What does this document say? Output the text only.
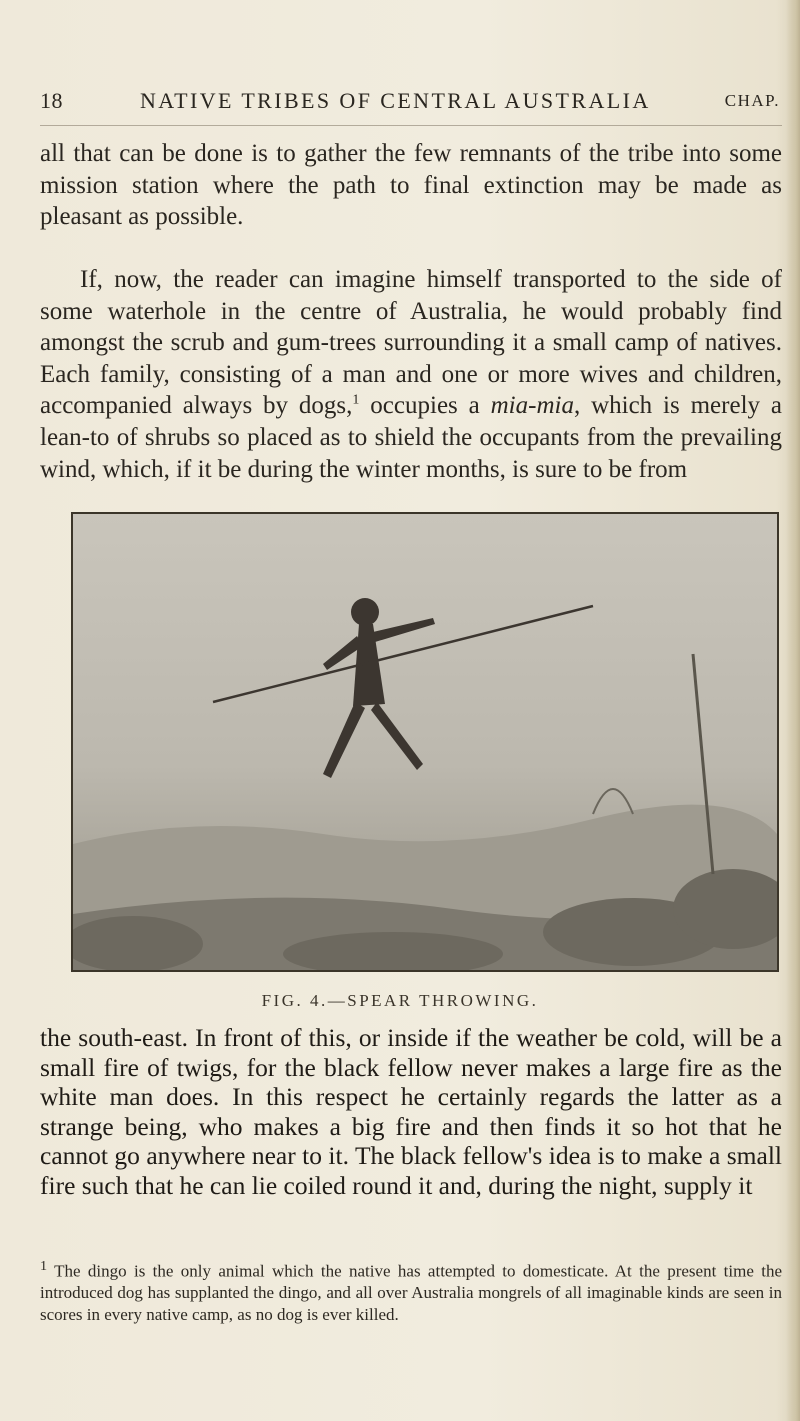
18	NATIVE TRIBES OF CENTRAL AUSTRALIA	CHAP.

all that can be done is to gather the few remnants of the tribe into some mission station where the path to final extinction may be made as pleasant as possible.

If, now, the reader can imagine himself transported to the side of some waterhole in the centre of Australia, he would probably find amongst the scrub and gum-trees surrounding it a small camp of natives. Each family, consisting of a man and one or more wives and children, accompanied always by dogs,$^1$ occupies a mia-mia, which is merely a lean-to of shrubs so placed as to shield the occupants from the prevailing wind, which, if it be during the winter months, is sure to be from

FIG. 4.—SPEAR THROWING.

the south-east. In front of this, or inside if the weather be cold, will be a small fire of twigs, for the black fellow never makes a large fire as the white man does. In this respect he certainly regards the latter as a strange being, who makes a big fire and then finds it so hot that he cannot go anywhere near to it. The black fellow's idea is to make a small fire such that he can lie coiled round it and, during the night, supply it

$^1$ The dingo is the only animal which the native has attempted to domesticate. At the present time the introduced dog has supplanted the dingo, and all over Australia mongrels of all imaginable kinds are seen in scores in every native camp, as no dog is ever killed.
